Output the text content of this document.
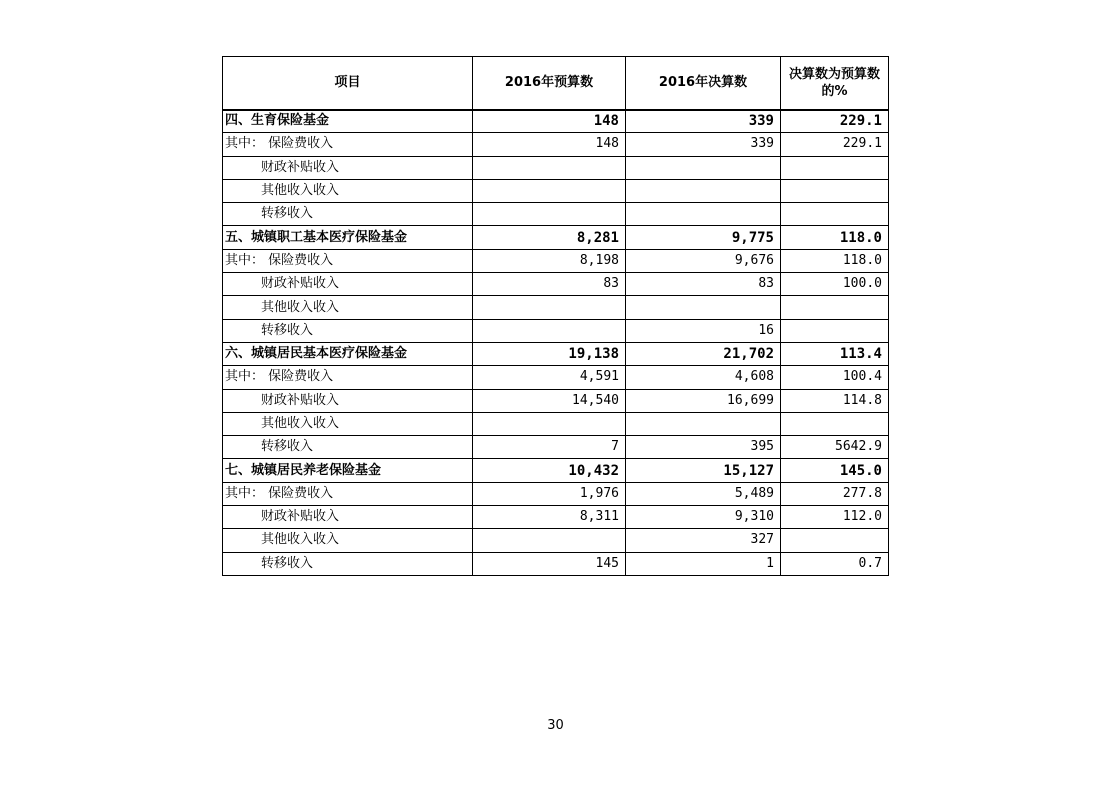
项目	2016年预算数	2016年决算数	决算数为预算数的%
四、生育保险基金	148	339	229.1
其中： 保险费收入	148	339	229.1
财政补贴收入			
其他收入收入			
转移收入			
五、城镇职工基本医疗保险基金	8,281	9,775	118.0
其中： 保险费收入	8,198	9,676	118.0
财政补贴收入	83	83	100.0
其他收入收入			
转移收入		16	
六、城镇居民基本医疗保险基金	19,138	21,702	113.4
其中： 保险费收入	4,591	4,608	100.4
财政补贴收入	14,540	16,699	114.8
其他收入收入			
转移收入	7	395	5642.9
七、城镇居民养老保险基金	10,432	15,127	145.0
其中： 保险费收入	1,976	5,489	277.8
财政补贴收入	8,311	9,310	112.0
其他收入收入		327	
转移收入	145	1	0.7
30
